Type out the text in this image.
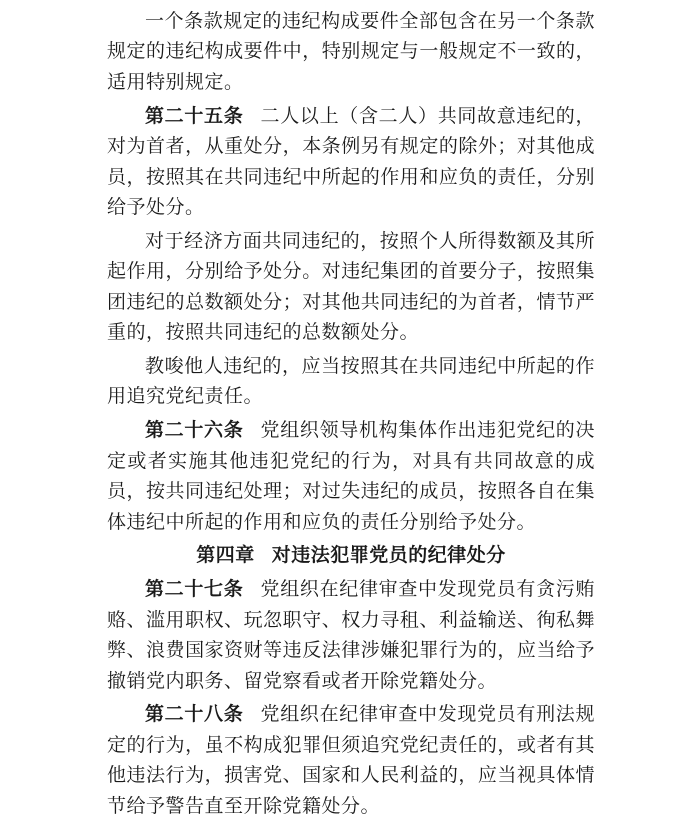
一个条款规定的违纪构成要件全部包含在另一个条款规定的违纪构成要件中，特别规定与一般规定不一致的，适用特别规定。

第二十五条 二人以上（含二人）共同故意违纪的，对为首者，从重处分，本条例另有规定的除外；对其他成员，按照其在共同违纪中所起的作用和应负的责任，分别给予处分。

对于经济方面共同违纪的，按照个人所得数额及其所起作用，分别给予处分。对违纪集团的首要分子，按照集团违纪的总数额处分；对其他共同违纪的为首者，情节严重的，按照共同违纪的总数额处分。

教唆他人违纪的，应当按照其在共同违纪中所起的作用追究党纪责任。

第二十六条 党组织领导机构集体作出违犯党纪的决定或者实施其他违犯党纪的行为，对具有共同故意的成员，按共同违纪处理；对过失违纪的成员，按照各自在集体违纪中所起的作用和应负的责任分别给予处分。

第四章 对违法犯罪党员的纪律处分

第二十七条 党组织在纪律审查中发现党员有贪污贿赂、滥用职权、玩忽职守、权力寻租、利益输送、徇私舞弊、浪费国家资财等违反法律涉嫌犯罪行为的，应当给予撤销党内职务、留党察看或者开除党籍处分。

第二十八条 党组织在纪律审查中发现党员有刑法规定的行为，虽不构成犯罪但须追究党纪责任的，或者有其他违法行为，损害党、国家和人民利益的，应当视具体情节给予警告直至开除党籍处分。
